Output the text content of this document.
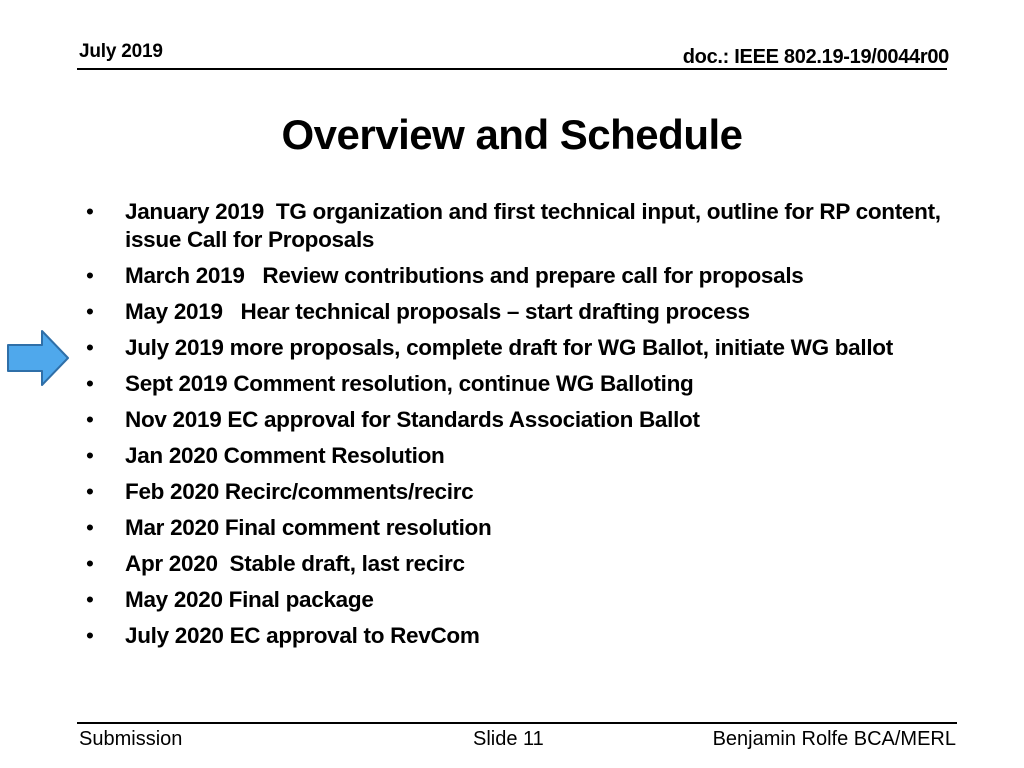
July 2019	doc.: IEEE 802.19-19/0044r00
Overview and Schedule
• January 2019  TG organization and first technical input, outline for RP content, issue Call for Proposals
• March 2019   Review contributions and prepare call for proposals
• May 2019   Hear technical proposals – start drafting process
• July 2019 more proposals, complete draft for WG Ballot, initiate WG ballot
• Sept 2019 Comment resolution, continue WG Balloting
• Nov 2019 EC approval for Standards Association Ballot
• Jan 2020 Comment Resolution
• Feb 2020 Recirc/comments/recirc
• Mar 2020 Final comment resolution
• Apr 2020  Stable draft, last recirc
• May 2020 Final package
• July 2020 EC approval to RevCom
Submission	Slide 11	Benjamin Rolfe BCA/MERL
